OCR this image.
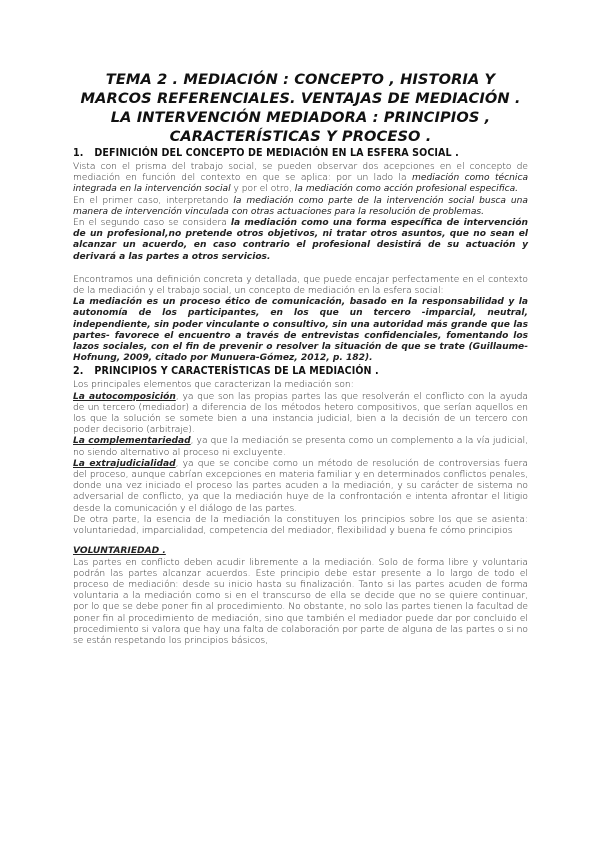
TEMA 2 . MEDIACIÓN : CONCEPTO , HISTORIA Y MARCOS REFERENCIALES. VENTAJAS DE MEDIACIÓN . LA INTERVENCIÓN MEDIADORA : PRINCIPIOS , CARACTERÍSTICAS Y PROCESO .
1. DEFINICIÓN DEL CONCEPTO DE MEDIACIÓN EN LA ESFERA SOCIAL .

Vista con el prisma del trabajo social, se pueden observar dos acepciones en el concepto de mediación en función del contexto en que se aplica: por un lado la mediación como técnica integrada en la intervención social y por el otro, la mediación como acción profesional especifica.

En el primer caso, interpretando la mediación como parte de la intervención social busca una manera de intervención vinculada con otras actuaciones para la resolución de problemas.

En el segundo caso se considera la mediación como una forma específica de intervención de un profesional,no pretende otros objetivos, ni tratar otros asuntos, que no sean el alcanzar un acuerdo, en caso contrario el profesional desistirá de su actuación y derivará a las partes a otros servicios.

Encontramos una definición concreta y detallada, que puede encajar perfectamente en el contexto de la mediación y el trabajo social, un concepto de mediación en la esfera social:

La mediación es un proceso ético de comunicación, basado en la responsabilidad y la autonomía de los participantes, en los que un tercero -imparcial, neutral, independiente, sin poder vinculante o consultivo, sin una autoridad más grande que las partes- favorece el encuentro a través de entrevistas confidenciales, fomentando los lazos sociales, con el fin de prevenir o resolver la situación de que se trate (Guillaume-Hofnung, 2009, citado por Munuera-Gómez, 2012, p. 182).

2. PRINCIPIOS Y CARACTERÍSTICAS DE LA MEDIACIÓN .

Los principales elementos que caracterizan la mediación son:

La autocomposición, ya que son las propias partes las que resolverán el conflicto con la ayuda de un tercero (mediador) a diferencia de los métodos hetero compositivos, que serían aquellos en los que la solución se somete bien a una instancia judicial, bien a la decisión de un tercero con poder decisorio (arbitraje).

La complementariedad, ya que la mediación se presenta como un complemento a la vía judicial, no siendo alternativo al proceso ni excluyente.

La extrajudicialidad, ya que se concibe como un método de resolución de controversias fuera del proceso, aunque cabrían excepciones en materia familiar y en determinados conflictos penales, donde una vez iniciado el proceso las partes acuden a la mediación, y su carácter de sistema no adversarial de conflicto, ya que la mediación huye de la confrontación e intenta afrontar el litigio desde la comunicación y el diálogo de las partes.

De otra parte, la esencia de la mediación la constituyen los principios sobre los que se asienta: voluntariedad, imparcialidad, competencia del mediador, flexibilidad y buena fe cómo principios

VOLUNTARIEDAD .

Las partes en conflicto deben acudir libremente a la mediación. Solo de forma libre y voluntaria podrán las partes alcanzar acuerdos. Este principio debe estar presente a lo largo de todo el proceso de mediación: desde su inicio hasta su finalización. Tanto si las partes acuden de forma voluntaria a la mediación como si en el transcurso de ella se decide que no se quiere continuar, por lo que se debe poner fin al procedimiento. No obstante, no solo las partes tienen la facultad de poner fin al procedimiento de mediación, sino que también el mediador puede dar por concluido el procedimiento si valora que hay una falta de colaboración por parte de alguna de las partes o si no se están respetando los principios básicos,
